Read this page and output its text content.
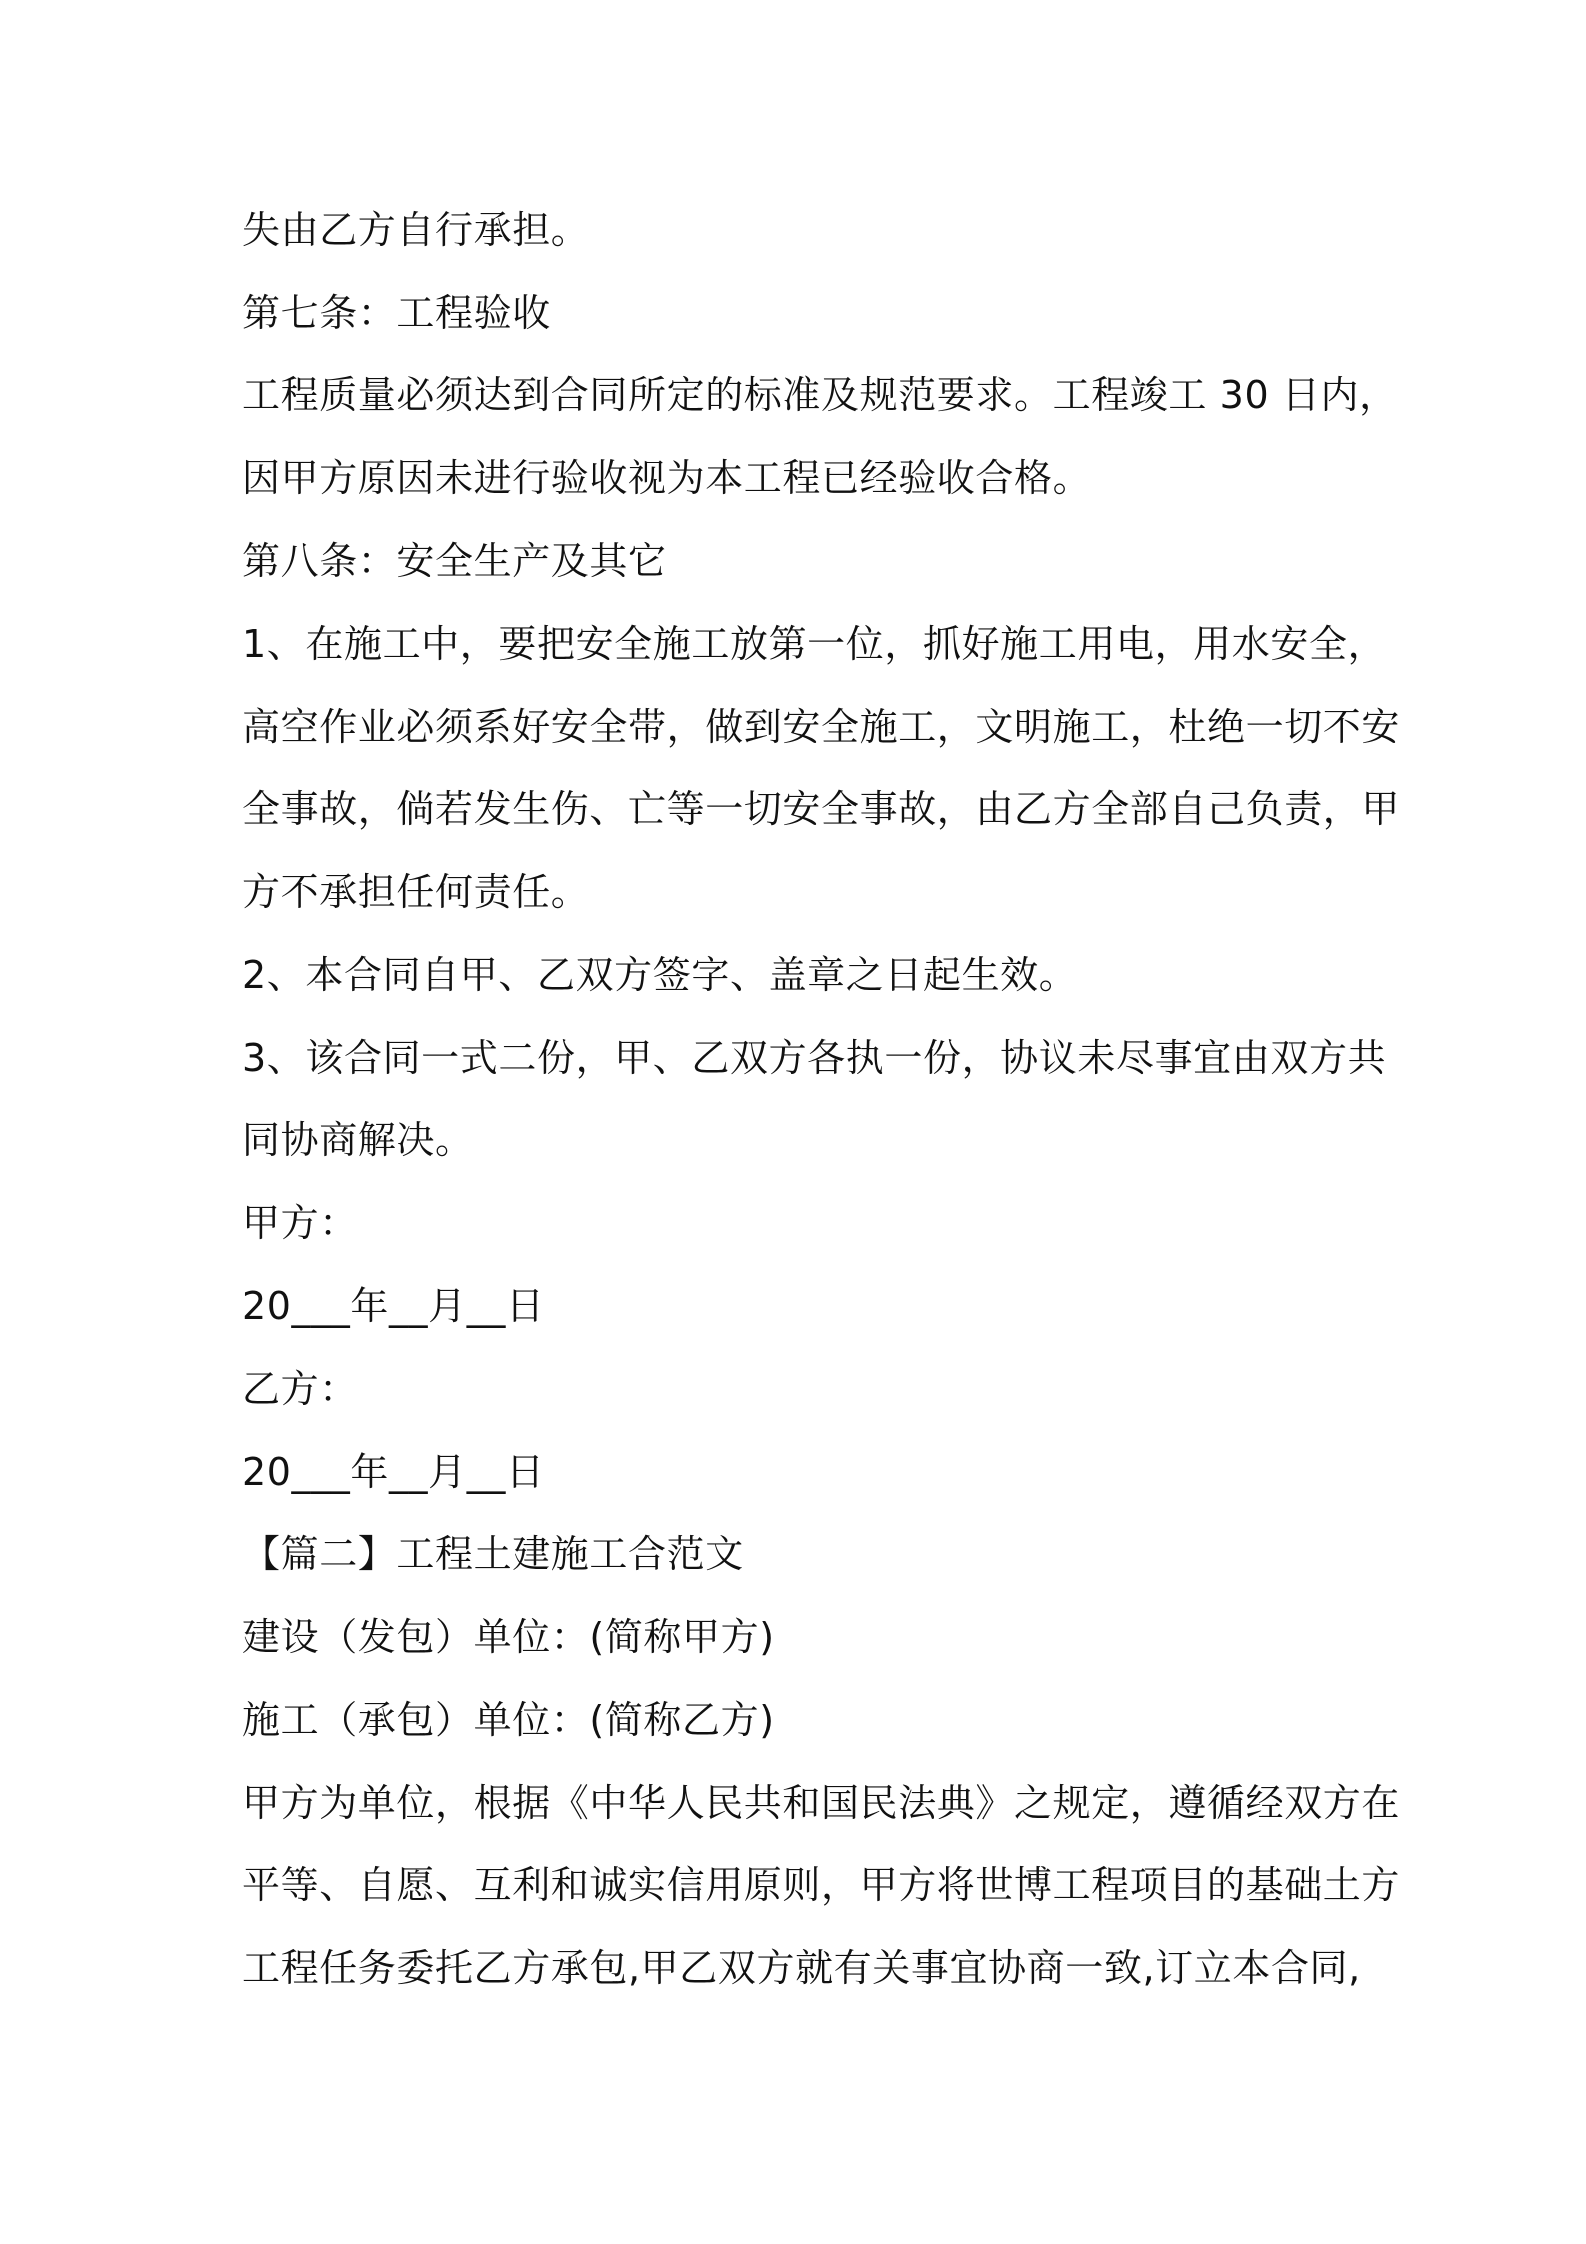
失由乙方自行承担。

第七条：工程验收

工程质量必须达到合同所定的标准及规范要求。工程竣工 30 日内，

因甲方原因未进行验收视为本工程已经验收合格。

第八条：安全生产及其它

1、在施工中，要把安全施工放第一位，抓好施工用电，用水安全，

高空作业必须系好安全带，做到安全施工，文明施工，杜绝一切不安

全事故，倘若发生伤、亡等一切安全事故，由乙方全部自己负责，甲

方不承担任何责任。

2、本合同自甲、乙双方签字、盖章之日起生效。

3、该合同一式二份，甲、乙双方各执一份，协议未尽事宜由双方共

同协商解决。

甲方：

20___年__月__日

乙方：

20___年__月__日

【篇二】工程土建施工合范文

建设（发包）单位：(简称甲方)

施工（承包）单位：(简称乙方)

甲方为单位，根据《中华人民共和国民法典》之规定，遵循经双方在

平等、自愿、互利和诚实信用原则，甲方将世博工程项目的基础土方

工程任务委托乙方承包,甲乙双方就有关事宜协商一致,订立本合同,
